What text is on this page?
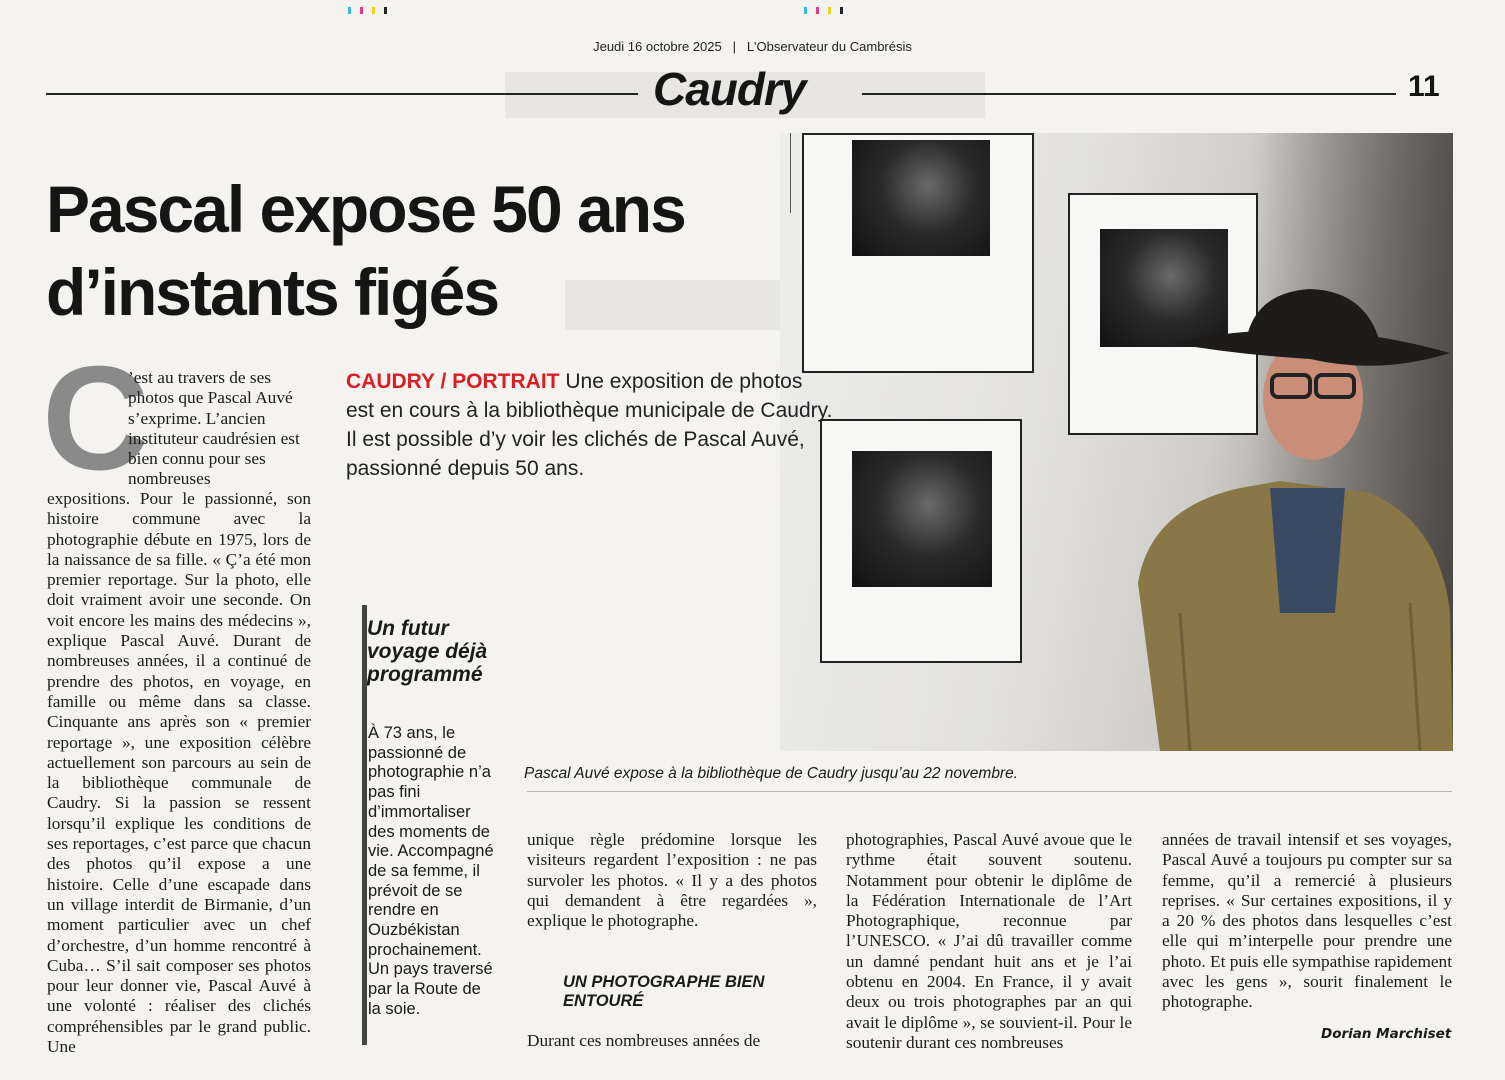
Jeudi 16 octobre 2025 | L'Observateur du Cambrésis
Caudry	11
Pascal expose 50 ans
d’instants figés
CAUDRY / PORTRAIT Une exposition de photos est en cours à la bibliothèque municipale de Caudry. Il est possible d’y voir les clichés de Pascal Auvé, passionné depuis 50 ans.
C
’est au travers de ses photos que Pascal Auvé s’exprime. L’ancien instituteur caudrésien est bien connu pour ses nombreuses
expositions. Pour le passionné, son histoire commune avec la photographie débute en 1975, lors de la naissance de sa fille. « Ç’a été mon premier reportage. Sur la photo, elle doit vraiment avoir une seconde. On voit encore les mains des médecins », explique Pascal Auvé. Durant de nombreuses années, il a continué de prendre des photos, en voyage, en famille ou même dans sa classe. Cinquante ans après son « premier reportage », une exposition célèbre actuellement son parcours au sein de la bibliothèque communale de Caudry. Si la passion se ressent lorsqu’il explique les conditions de ses reportages, c’est parce que chacun des photos qu’il expose a une histoire. Celle d’une escapade dans un village interdit de Birmanie, d’un moment particulier avec un chef d’orchestre, d’un homme rencontré à Cuba… S’il sait composer ses photos pour leur donner vie, Pascal Auvé à une volonté : réaliser des clichés compréhensibles par le grand public. Une
Un futur voyage déjà programmé
À 73 ans, le passionné de photographie n’a pas fini d’immortaliser des moments de vie. Accompagné de sa femme, il prévoit de se rendre en Ouzbékistan prochainement. Un pays traversé par la Route de la soie.
Pascal Auvé expose à la bibliothèque de Caudry jusqu’au 22 novembre.
unique règle prédomine lorsque les visiteurs regardent l’exposition : ne pas survoler les photos. « Il y a des photos qui demandent à être regardées », explique le photographe.
UN PHOTOGRAPHE BIEN ENTOURÉ
Durant ces nombreuses années de
photographies, Pascal Auvé avoue que le rythme était souvent soutenu. Notamment pour obtenir le diplôme de la Fédération Internationale de l’Art Photographique, reconnue par l’UNESCO. « J’ai dû travailler comme un damné pendant huit ans et je l’ai obtenu en 2004. En France, il y avait deux ou trois photographes par an qui avait le diplôme », se souvient-il. Pour le soutenir durant ces nombreuses
années de travail intensif et ses voyages, Pascal Auvé a toujours pu compter sur sa femme, qu’il a remercié à plusieurs reprises. « Sur certaines expositions, il y a 20 % des photos dans lesquelles c’est elle qui m’interpelle pour prendre une photo. Et puis elle sympathise rapidement avec les gens », sourit finalement le photographe.
Dorian Marchiset
